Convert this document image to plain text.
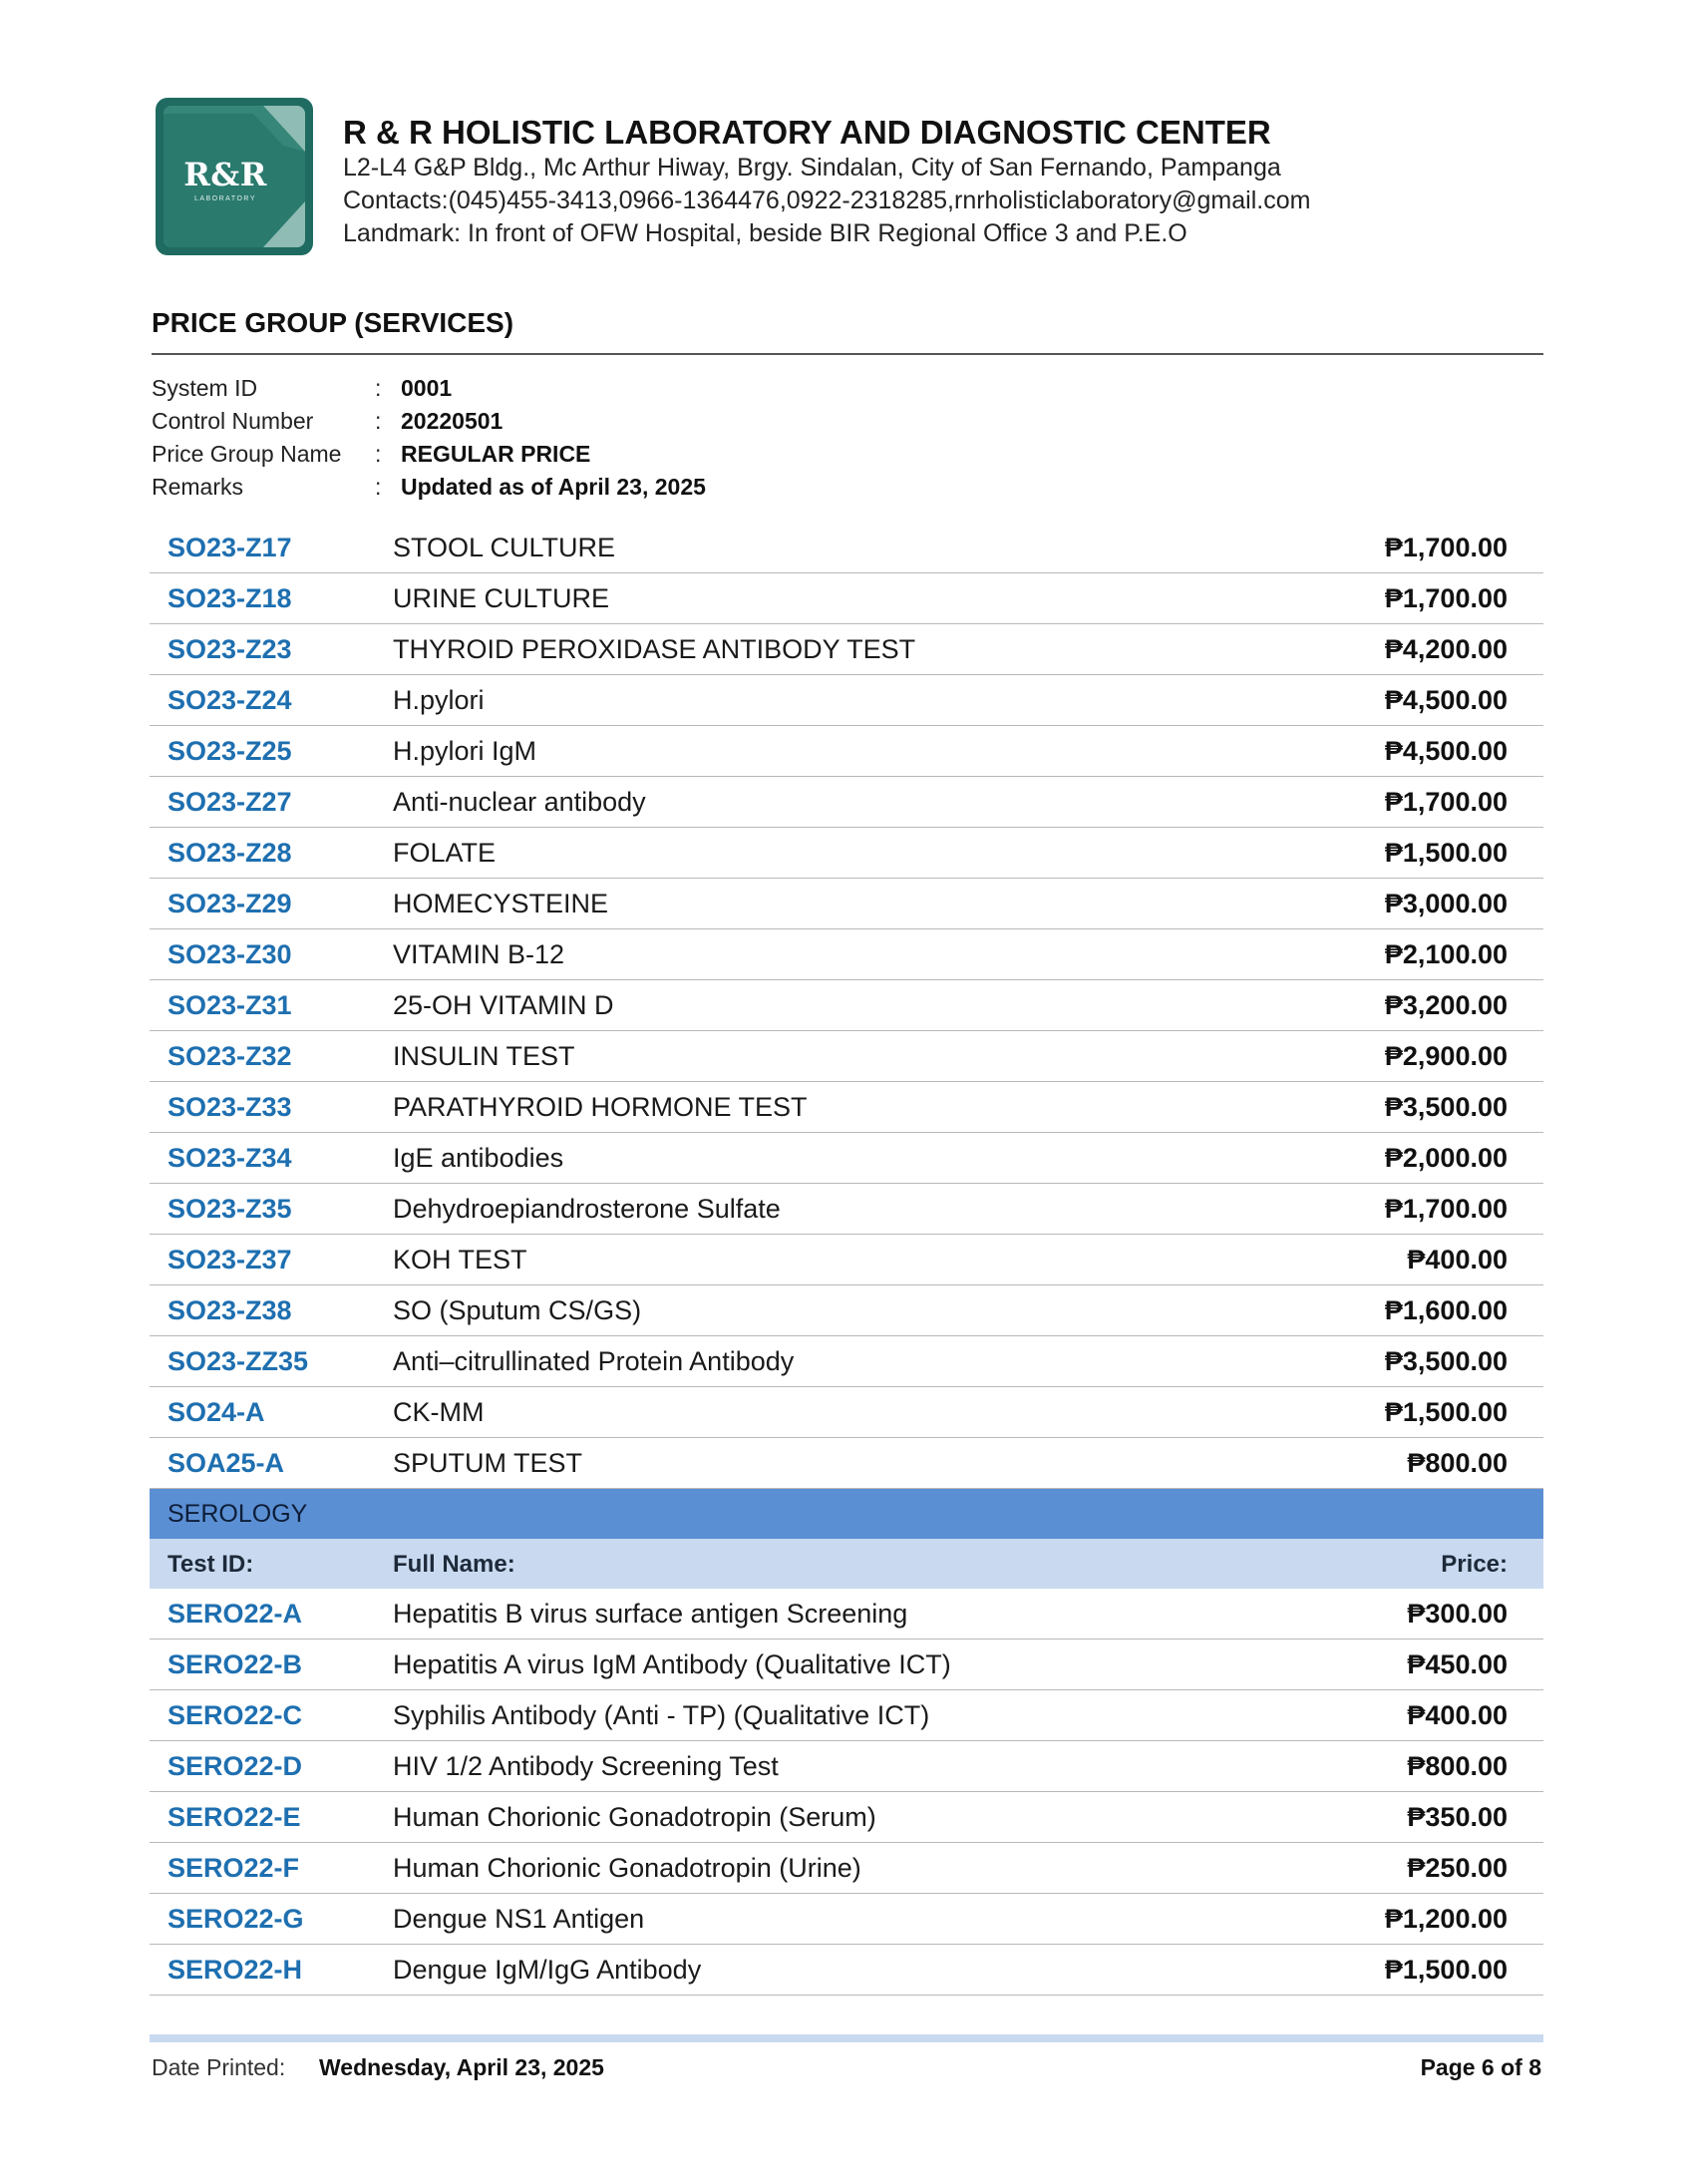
R&R
LABORATORY
R & R HOLISTIC LABORATORY AND DIAGNOSTIC CENTER
L2-L4 G&P Bldg., Mc Arthur Hiway, Brgy. Sindalan, City of San Fernando, Pampanga
Contacts:(045)455-3413,0966-1364476,0922-2318285,rnrholisticlaboratory@gmail.com
Landmark: In front of OFW Hospital, beside BIR Regional Office 3 and P.E.O
PRICE GROUP (SERVICES)
System ID	: 0001
Control Number	: 20220501
Price Group Name : REGULAR PRICE
Remarks	: Updated as of April 23, 2025
SO23-Z17	STOOL CULTURE	₱1,700.00
SO23-Z18	URINE CULTURE	₱1,700.00
SO23-Z23	THYROID PEROXIDASE ANTIBODY TEST	₱4,200.00
SO23-Z24	H.pylori	₱4,500.00
SO23-Z25	H.pylori IgM	₱4,500.00
SO23-Z27	Anti-nuclear antibody	₱1,700.00
SO23-Z28	FOLATE	₱1,500.00
SO23-Z29	HOMECYSTEINE	₱3,000.00
SO23-Z30	VITAMIN B-12	₱2,100.00
SO23-Z31	25-OH VITAMIN D	₱3,200.00
SO23-Z32	INSULIN TEST	₱2,900.00
SO23-Z33	PARATHYROID HORMONE TEST	₱3,500.00
SO23-Z34	IgE antibodies	₱2,000.00
SO23-Z35	Dehydroepiandrosterone Sulfate	₱1,700.00
SO23-Z37	KOH TEST	₱400.00
SO23-Z38	SO (Sputum CS/GS)	₱1,600.00
SO23-ZZ35	Anti–citrullinated Protein Antibody	₱3,500.00
SO24-A	CK-MM	₱1,500.00
SOA25-A	SPUTUM TEST	₱800.00
SEROLOGY
Test ID:	Full Name:	Price:
SERO22-A	Hepatitis B virus surface antigen Screening	₱300.00
SERO22-B	Hepatitis A virus IgM Antibody (Qualitative ICT)	₱450.00
SERO22-C	Syphilis Antibody (Anti - TP) (Qualitative ICT)	₱400.00
SERO22-D	HIV 1/2 Antibody Screening Test	₱800.00
SERO22-E	Human Chorionic Gonadotropin (Serum)	₱350.00
SERO22-F	Human Chorionic Gonadotropin (Urine)	₱250.00
SERO22-G	Dengue NS1 Antigen	₱1,200.00
SERO22-H	Dengue IgM/IgG Antibody	₱1,500.00
Date Printed: Wednesday, April 23, 2025	Page 6 of 8
